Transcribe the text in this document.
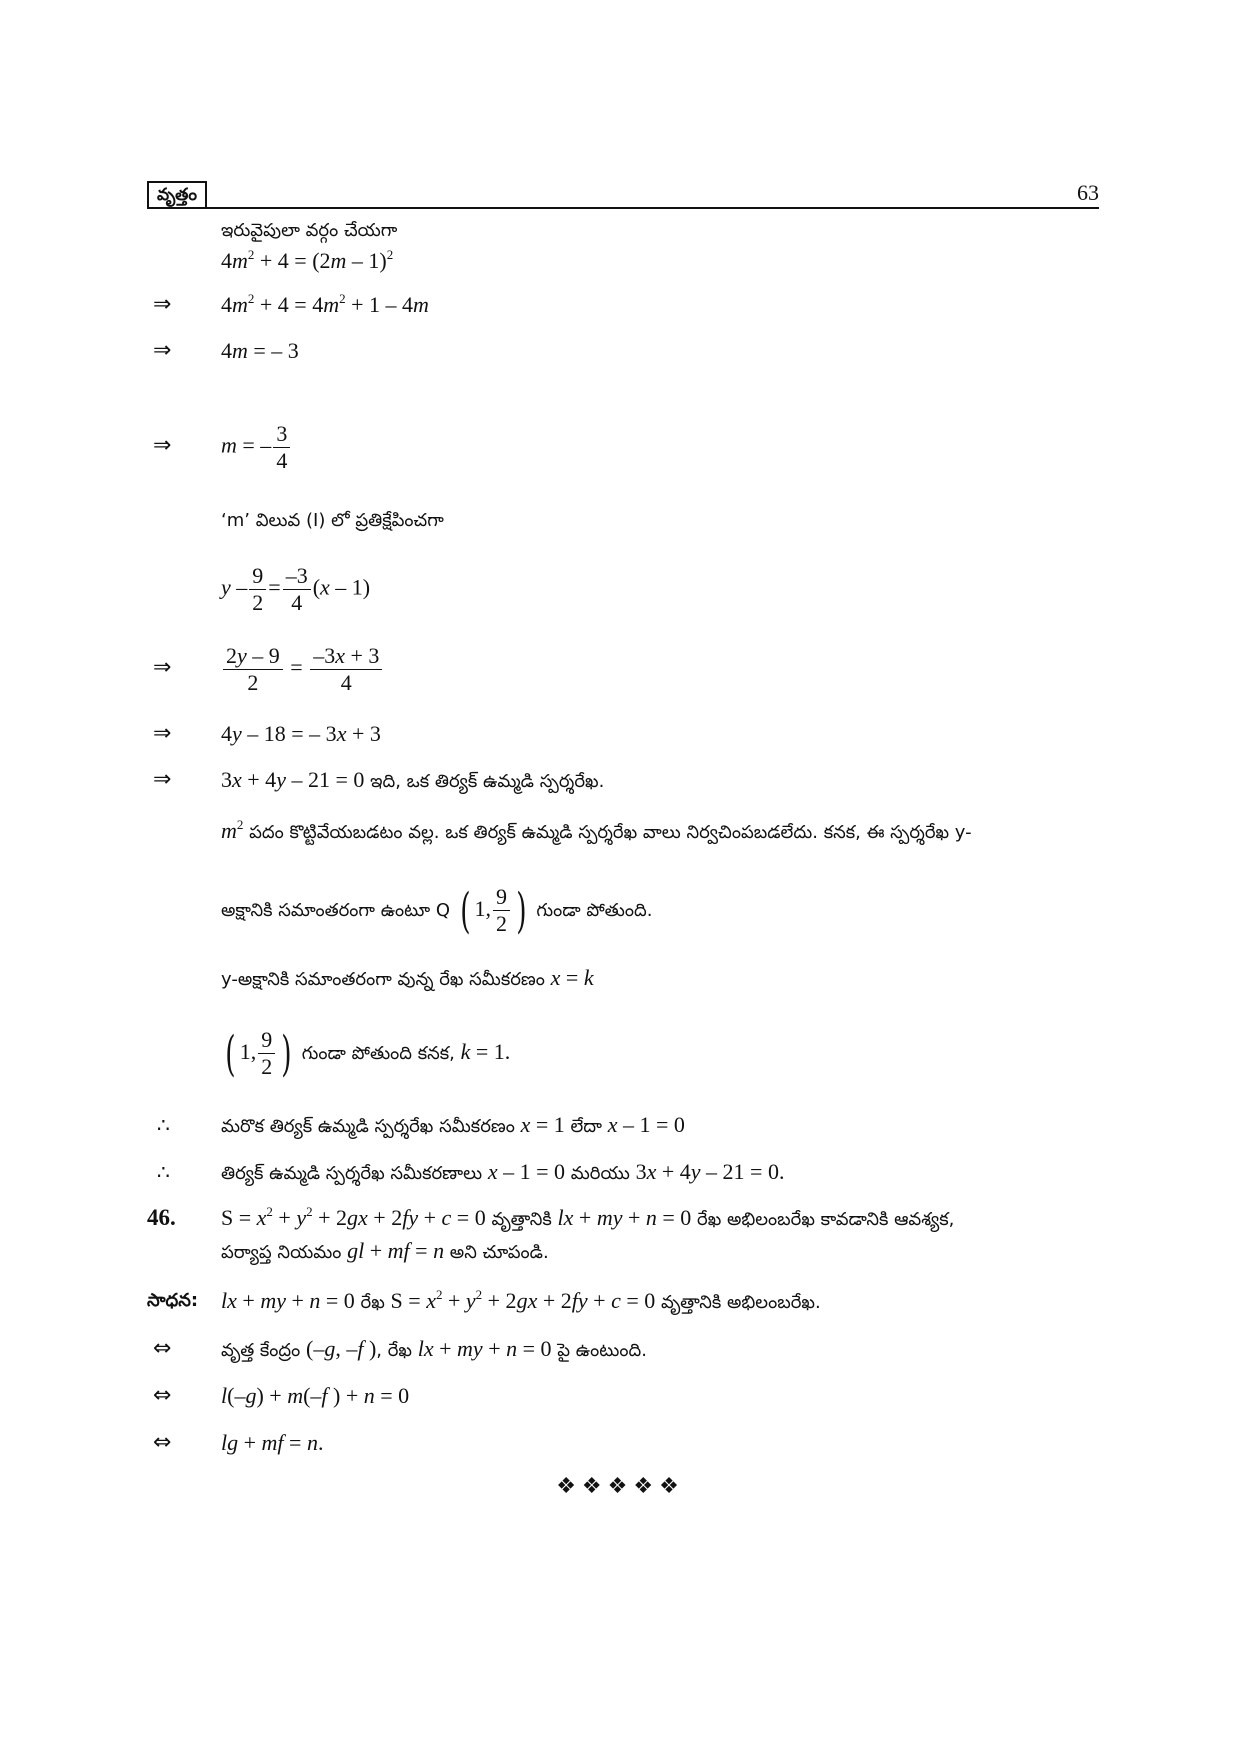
వృత్తం	63
ఇరువైపులా వర్గం చేయగా
$4m^2 + 4 = (2m - 1)^2$
⇒ $4m^2 + 4 = 4m^2 + 1 - 4m$
⇒ 4m = – 3
⇒ m = – $\frac{3}{4}$
‘m’ విలువ (I) లో ప్రతిక్షేపించగా
$y - \frac{9}{2} = \frac{-3}{4} (x - 1)$
⇒ $\frac{2y - 9}{2} = \frac{-3x + 3}{4}$
⇒ 4y – 18 = – 3x + 3
⇒ 3x + 4y – 21 = 0 ఇది, ఒక తిర్యక్ ఉమ్మడి స్పర్శరేఖ.
$m^2$ పదం కొట్టివేయబడటం వల్ల. ఒక తిర్యక్ ఉమ్మడి స్పర్శరేఖ వాలు నిర్వచింపబడలేదు. కనక, ఈ స్పర్శరేఖ y-
అక్షానికి సమాంతరంగా ఉంటూ Q ( 1, $\frac{9}{2}$ ) గుండా పోతుంది.
y-అక్షానికి సమాంతరంగా వున్న రేఖ సమీకరణం x = k
( 1, $\frac{9}{2}$ ) గుండా పోతుంది కనక, k = 1.
∴	మరొక తిర్యక్ ఉమ్మడి స్పర్శరేఖ సమీకరణం x = 1 లేదా x – 1 = 0
∴	తిర్యక్ ఉమ్మడి స్పర్శరేఖ సమీకరణాలు x – 1 = 0 మరియు 3x + 4y – 21 = 0.
46. $S = x^2 + y^2 + 2gx + 2fy + c = 0$ వృత్తానికి lx + my + n = 0 రేఖ అభిలంబరేఖ కావడానికి ఆవశ్యక,
పర్యాప్త నియమం gl + mf = n అని చూపండి.
సాధన: lx + my + n = 0 రేఖ $S = x^2 + y^2 + 2gx + 2fy + c = 0$ వృత్తానికి అభిలంబరేఖ.
⇔	వృత్త కేంద్రం (–g, –f ), రేఖ lx + my + n = 0 పై ఉంటుంది.
⇔ l(–g) + m(–f ) + n = 0
⇔ lg + mf = n.
❖❖❖❖❖
